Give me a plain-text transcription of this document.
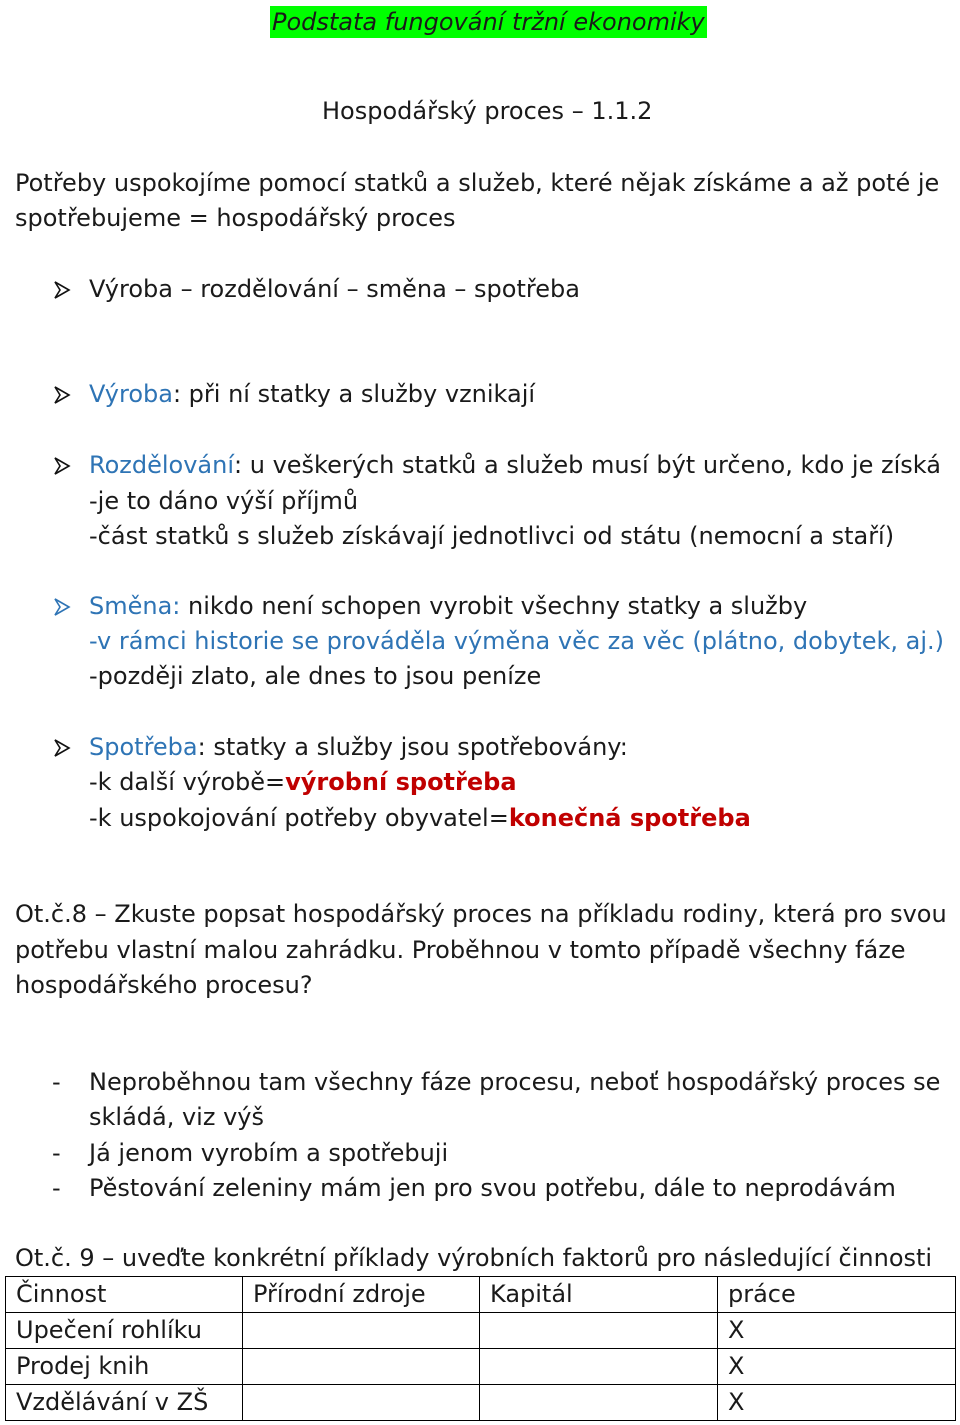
Podstata fungování tržní ekonomiky
Hospodářský proces – 1.1.2
Potřeby uspokojíme pomocí statků a služeb, které nějak získáme a až poté je
spotřebujeme = hospodářský proces
Výroba – rozdělování – směna – spotřeba
Výroba: při ní statky a služby vznikají
Rozdělování: u veškerých statků a služeb musí být určeno, kdo je získá
-je to dáno výší příjmů
-část statků s služeb získávají jednotlivci od státu (nemocní a staří)
Směna: nikdo není schopen vyrobit všechny statky a služby
-v rámci historie se prováděla výměna věc za věc (plátno, dobytek, aj.)
-později zlato, ale dnes to jsou peníze
Spotřeba: statky a služby jsou spotřebovány:
-k další výrobě=výrobní spotřeba
-k uspokojování potřeby obyvatel=konečná spotřeba
Ot.č.8 – Zkuste popsat hospodářský proces na příkladu rodiny, která pro svou
potřebu vlastní malou zahrádku. Proběhnou v tomto případě všechny fáze
hospodářského procesu?
- Neproběhnou tam všechny fáze procesu, neboť hospodářský proces se
skládá, viz výš
- Já jenom vyrobím a spotřebuji
- Pěstování zeleniny mám jen pro svou potřebu, dále to neprodávám
Ot.č. 9 – uveďte konkrétní příklady výrobních faktorů pro následující činnosti
Činnost	Přírodní zdroje	Kapitál	práce
Upečení rohlíku			X
Prodej knih			X
Vzdělávání v ZŠ			X
